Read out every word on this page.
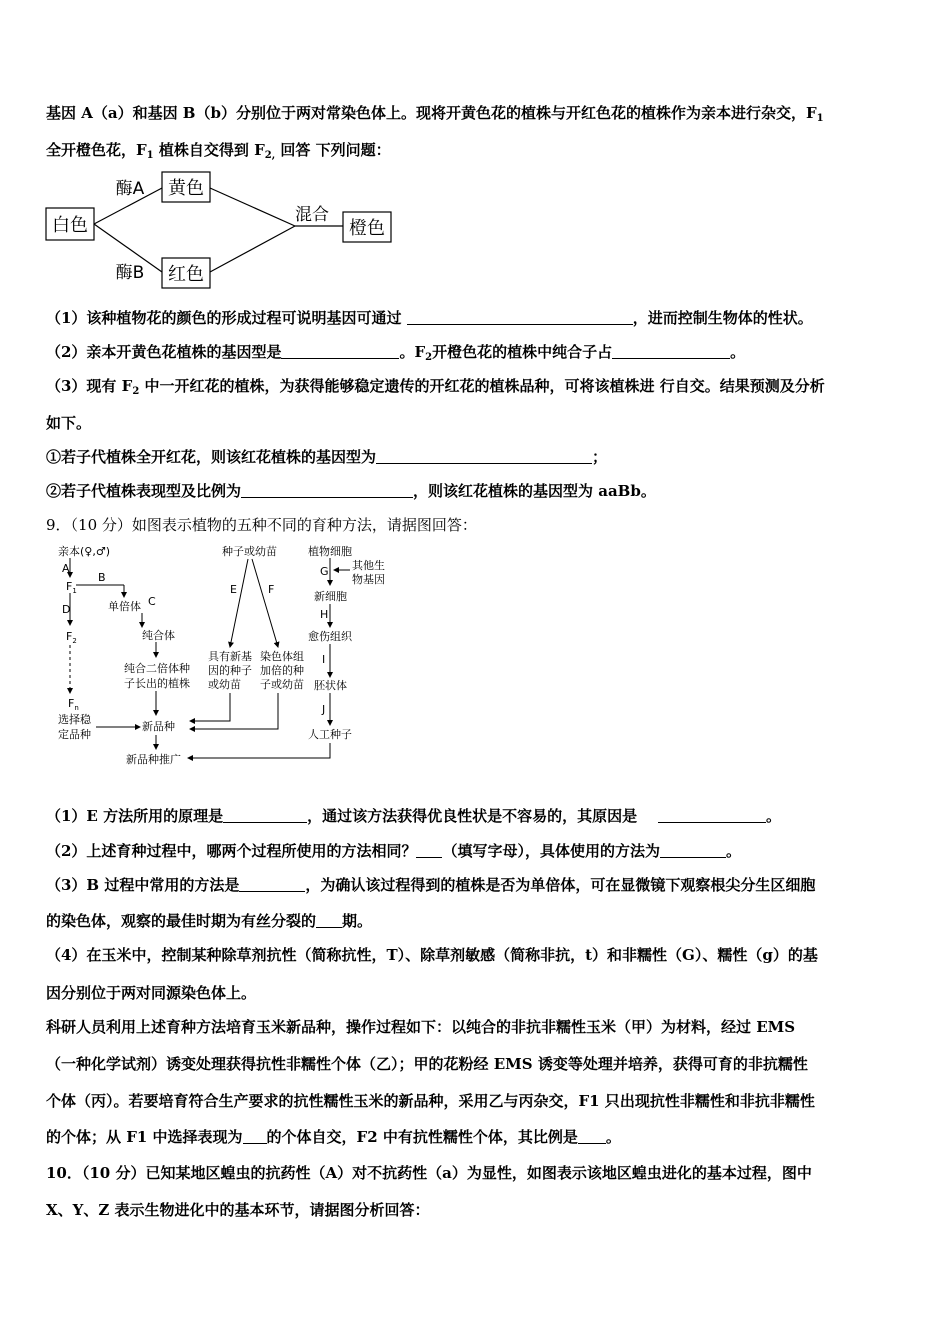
基因 A（a）和基因 B（b）分别位于两对常染色体上。现将开黄色花的植株与开红色花的植株作为亲本进行杂交，$F_1$
全开橙色花，$F_1$ 植株自交得到 $F_{2,}$ 回答 下列问题：
白色
黄色
红色
橙色
酶A
酶B
混合
（1）该种植物花的颜色的形成过程可说明基因可通过	，进而控制生物体的性状。
（2）亲本开黄色花植株的基因型是	。$F_2$开橙色花的植株中纯合子占	。
（3）现有 $F_2$ 中一开红花的植株，为获得能够稳定遗传的开红花的植株品种，可将该植株进 行自交。结果预测及分析
如下。
①若子代植株全开红花，则该红花植株的基因型为	；
②若子代植株表现型及比例为	，则该红花植株的基因型为 aaBb。
9．（10 分）如图表示植物的五种不同的育种方法，请据图回答：
亲本(♀,♂)
A
$F_1$
B
单倍体 C
纯合体
纯合二倍体种
子长出的植株
D
$F_2$
$F_n$
选择稳
定品种
新品种
新品种推广
种子或幼苗
E	F
具有新基
因的种子
或幼苗
染色体组
加倍的种
子或幼苗
植物细胞
G 其他生
物基因
新细胞
H
愈伤组织
I
胚状体
J
人工种子
（1）E 方法所用的原理是	，通过该方法获得优良性状是不容易的，其原因是	。
（2）上述育种过程中，哪两个过程所使用的方法相同？ （填写字母），具体使用的方法为	。
（3）B 过程中常用的方法是	，为确认该过程得到的植株是否为单倍体，可在显微镜下观察根尖分生区细胞
的染色体，观察的最佳时期为有丝分裂的 期。
（4）在玉米中，控制某种除草剂抗性（简称抗性，T）、除草剂敏感（简称非抗，t）和非糯性（G）、糯性（g）的基
因分别位于两对同源染色体上。
科研人员利用上述育种方法培育玉米新品种，操作过程如下：以纯合的非抗非糯性玉米（甲）为材料，经过 EMS
（一种化学试剂）诱变处理获得抗性非糯性个体（乙）；甲的花粉经 EMS 诱变等处理并培养，获得可育的非抗糯性
个体（丙）。若要培育符合生产要求的抗性糯性玉米的新品种，采用乙与丙杂交，F1 只出现抗性非糯性和非抗非糯性
的个体；从 F1 中选择表现为 的个体自交，F2 中有抗性糯性个体，其比例是 。
10．（10 分）已知某地区蝗虫的抗药性（A）对不抗药性（a）为显性，如图表示该地区蝗虫进化的基本过程，图中
X、Y、Z 表示生物进化中的基本环节，请据图分析回答：
